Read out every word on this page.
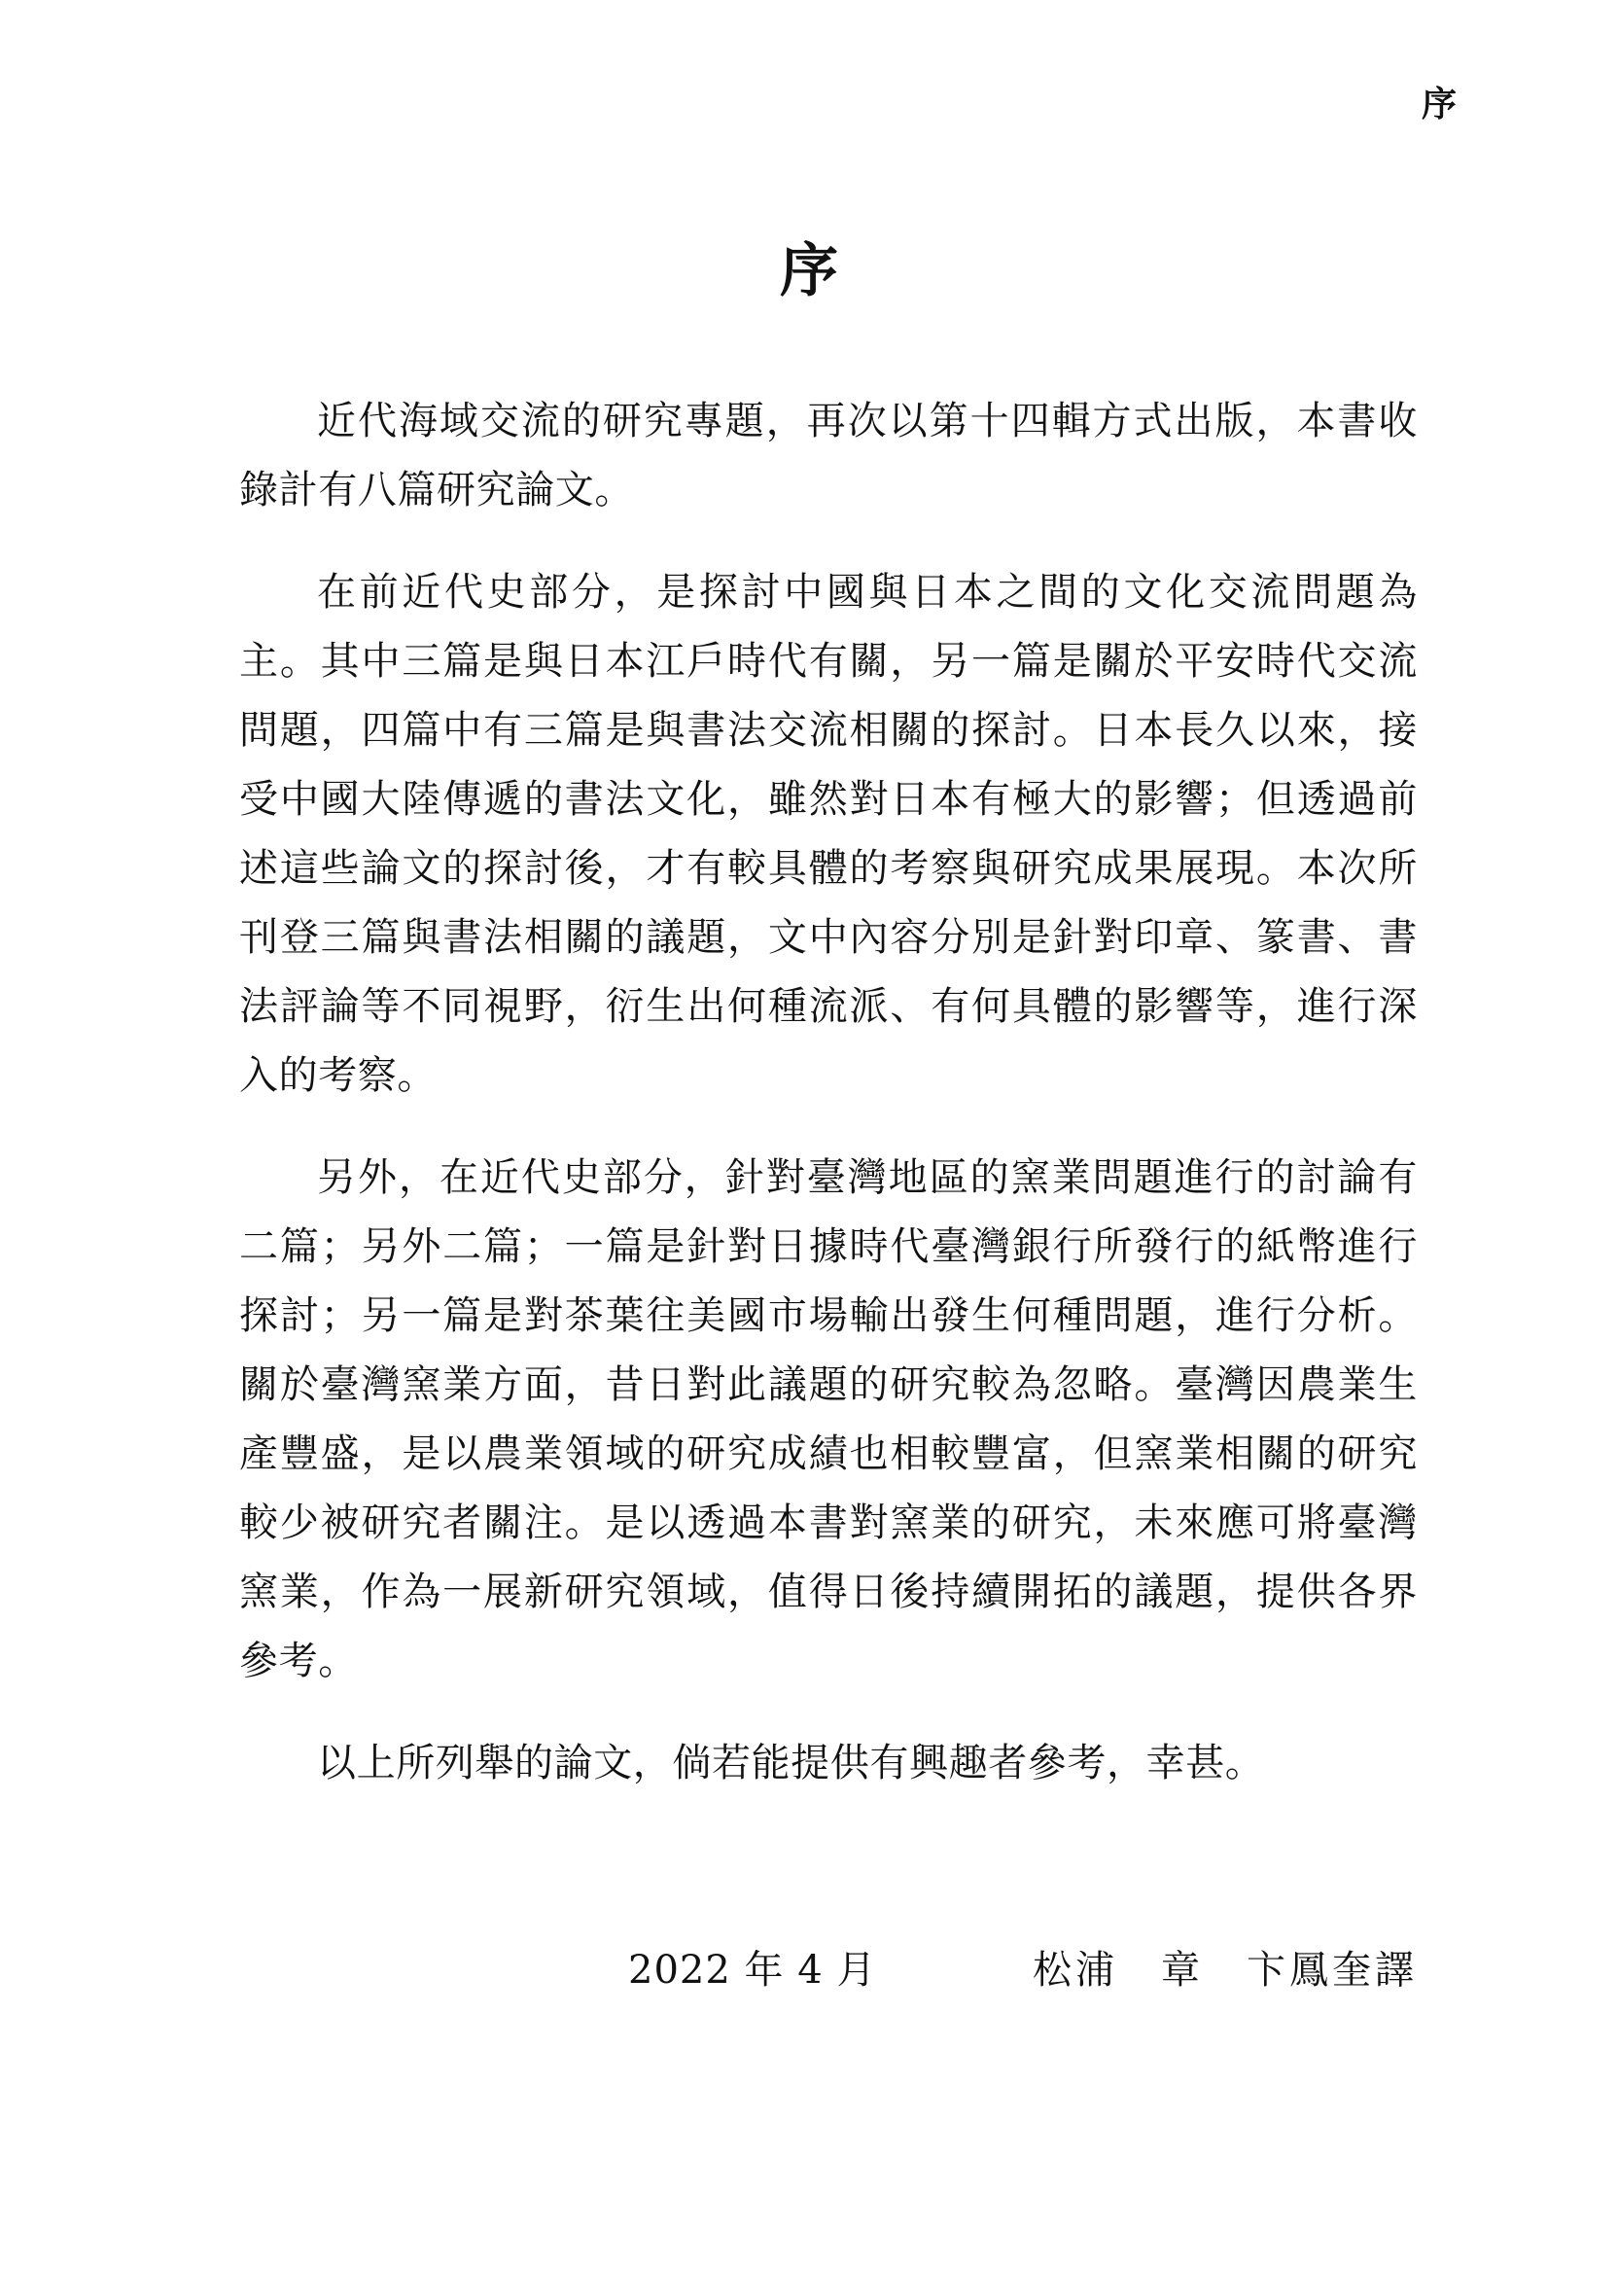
序
序

近代海域交流的研究專題，再次以第十四輯方式出版，本書收錄計有八篇研究論文。

在前近代史部分，是探討中國與日本之間的文化交流問題為主。其中三篇是與日本江戶時代有關，另一篇是關於平安時代交流問題，四篇中有三篇是與書法交流相關的探討。日本長久以來，接受中國大陸傳遞的書法文化，雖然對日本有極大的影響；但透過前述這些論文的探討後，才有較具體的考察與研究成果展現。本次所刊登三篇與書法相關的議題，文中內容分別是針對印章、篆書、書法評論等不同視野，衍生出何種流派、有何具體的影響等，進行深入的考察。

另外，在近代史部分，針對臺灣地區的窯業問題進行的討論有二篇；另外二篇；一篇是針對日據時代臺灣銀行所發行的紙幣進行探討；另一篇是對茶葉往美國市場輸出發生何種問題，進行分析。關於臺灣窯業方面，昔日對此議題的研究較為忽略。臺灣因農業生產豐盛，是以農業領域的研究成績也相較豐富，但窯業相關的研究較少被研究者關注。是以透過本書對窯業的研究，未來應可將臺灣窯業，作為一展新研究領域，值得日後持續開拓的議題，提供各界參考。

以上所列舉的論文，倘若能提供有興趣者參考，幸甚。

2022 年 4 月	松浦　章　卞鳳奎譯
